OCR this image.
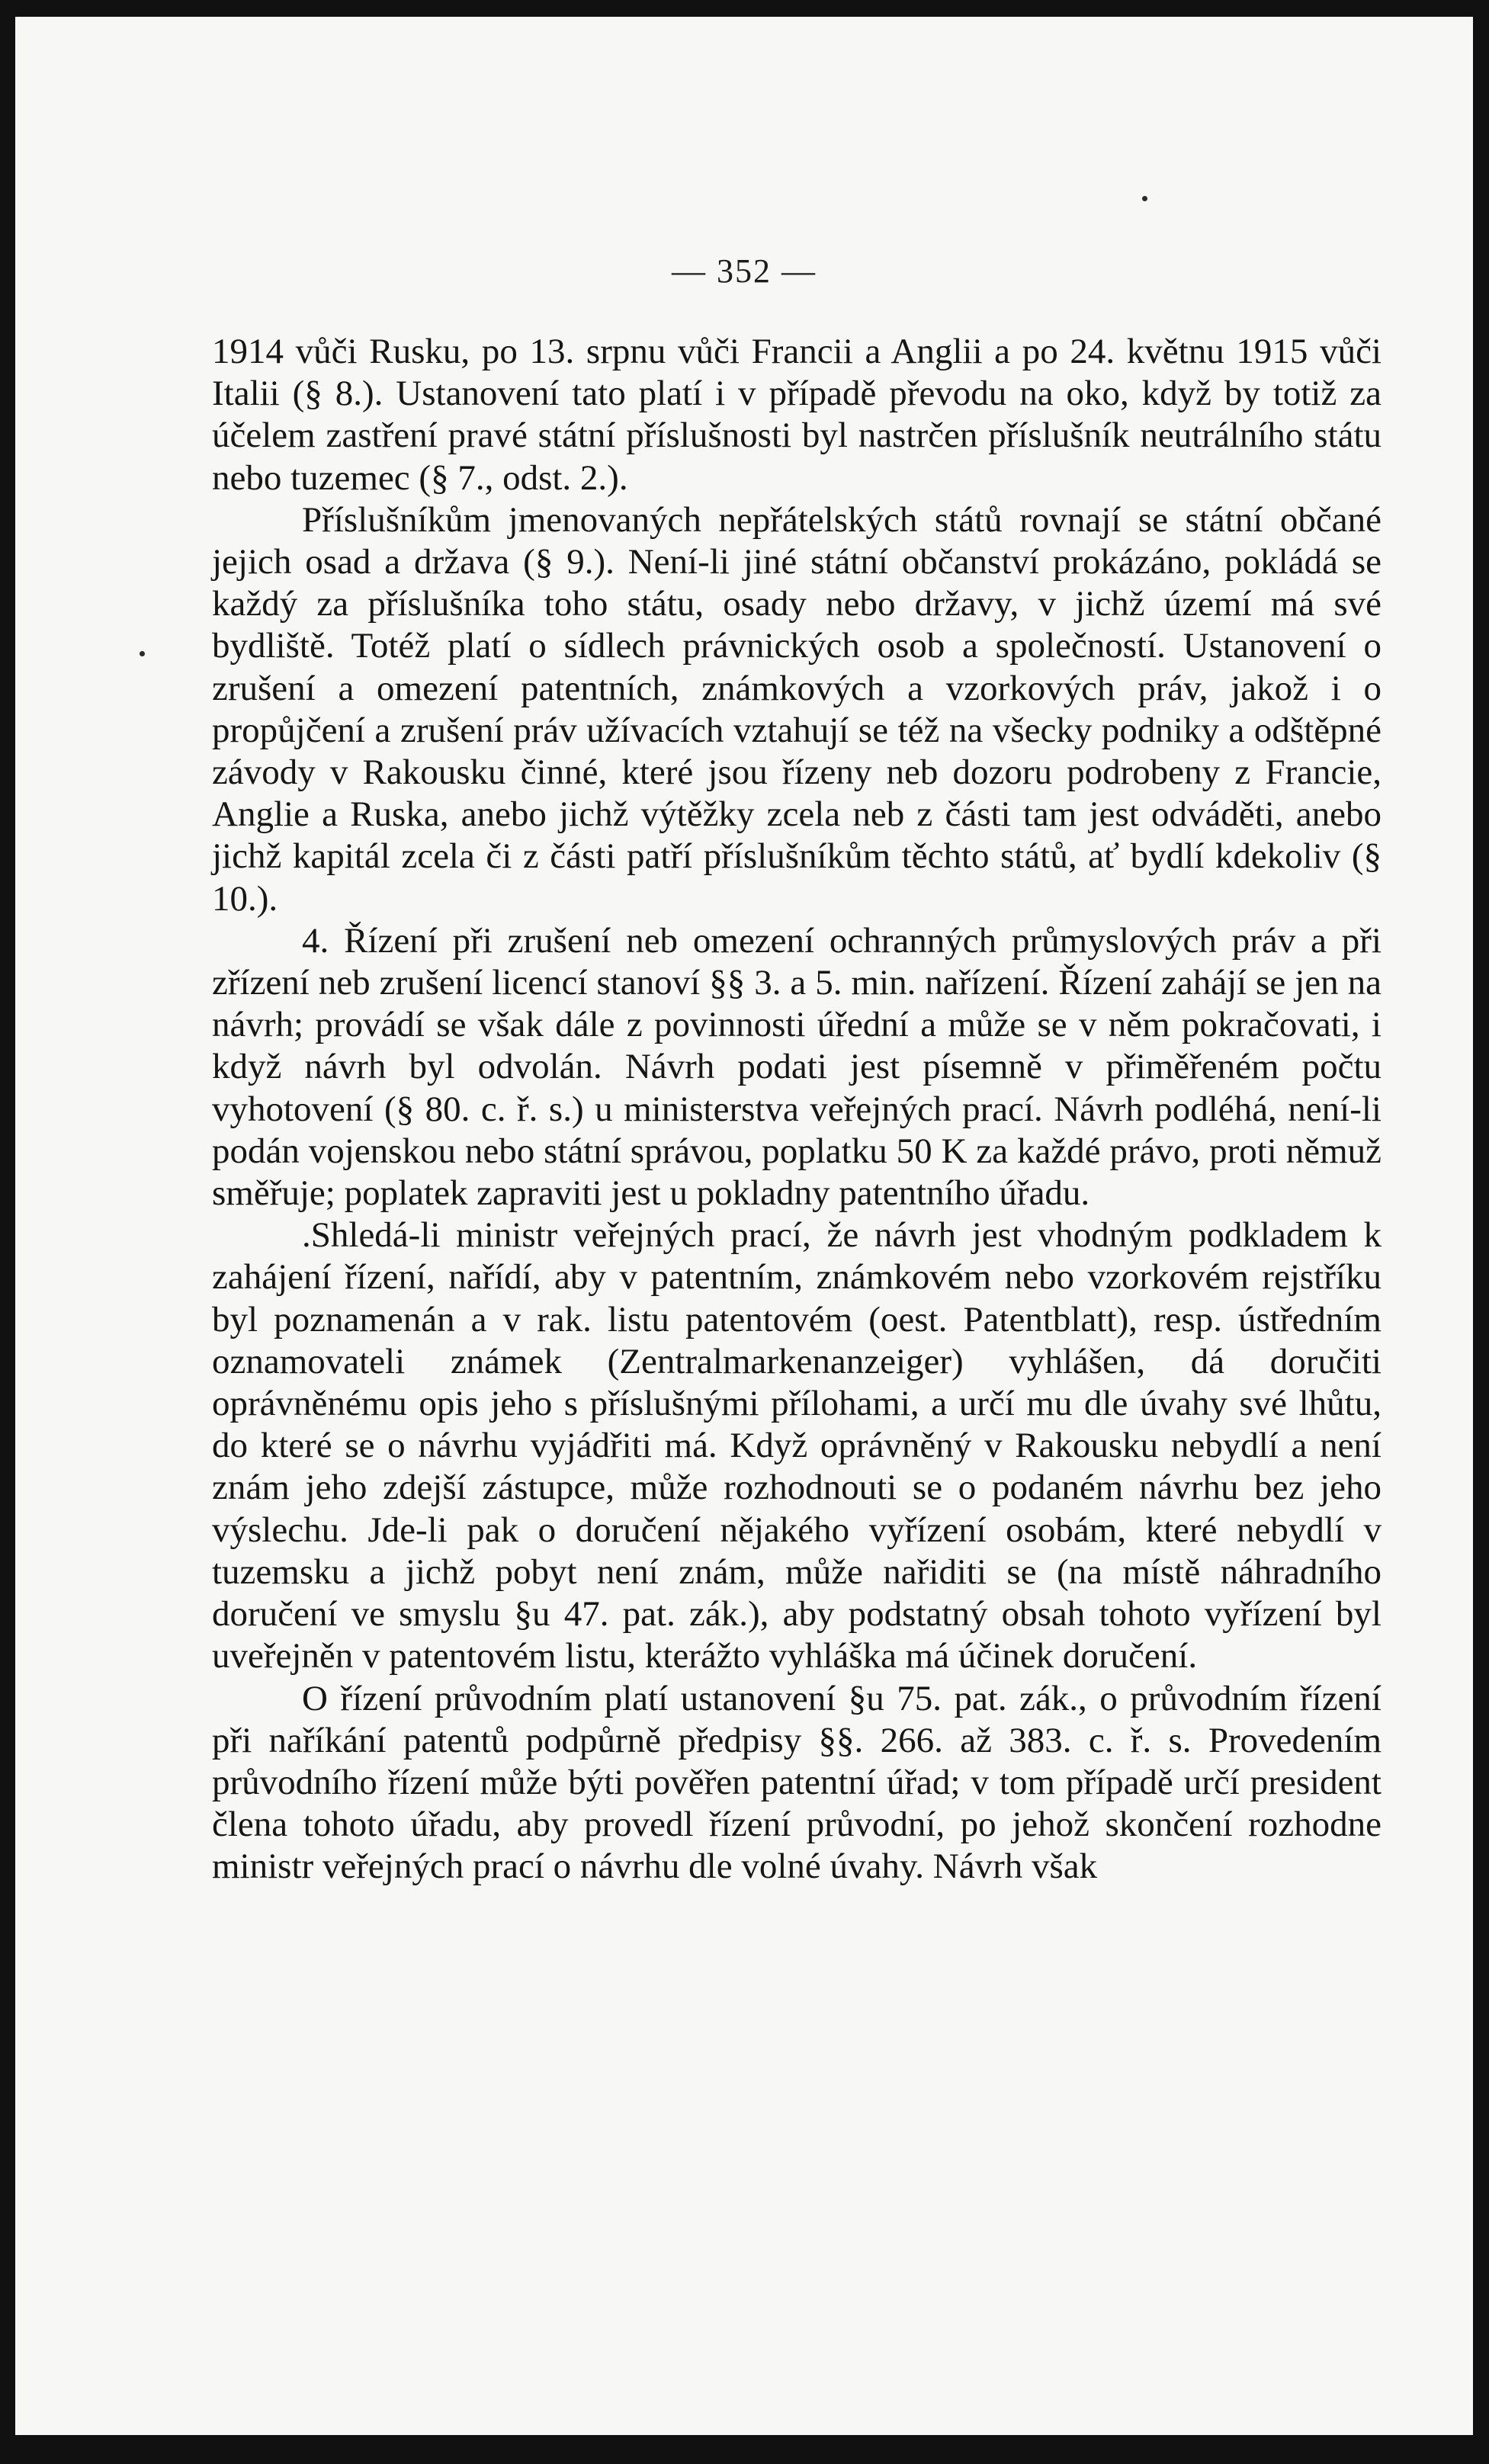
— 352 —

1914 vůči Rusku, po 13. srpnu vůči Francii a Anglii a po 24. květnu 1915 vůči Italii (§ 8.). Ustanovení tato platí i v případě převodu na oko, když by totiž za účelem zastření pravé státní příslušnosti byl nastrčen příslušník neutrálního státu nebo tuzemec (§ 7., odst. 2.).

Příslušníkům jmenovaných nepřátelských států rovnají se státní občané jejich osad a država (§ 9.). Není-li jiné státní občanství prokázáno, pokládá se každý za příslušníka toho státu, osady nebo državy, v jichž území má své bydliště. Totéž platí o sídlech právnických osob a společností. Ustanovení o zrušení a omezení patentních, známkových a vzorkových práv, jakož i o propůjčení a zrušení práv užívacích vztahují se též na všecky podniky a odštěpné závody v Rakousku činné, které jsou řízeny neb dozoru podrobeny z Francie, Anglie a Ruska, anebo jichž výtěžky zcela neb z části tam jest odváděti, anebo jichž kapitál zcela či z části patří příslušníkům těchto států, ať bydlí kdekoliv (§ 10.).

4. Řízení při zrušení neb omezení ochranných průmyslových práv a při zřízení neb zrušení licencí stanoví §§ 3. a 5. min. nařízení. Řízení zahájí se jen na návrh; provádí se však dále z povinnosti úřední a může se v něm pokračovati, i když návrh byl odvolán. Návrh podati jest písemně v přiměřeném počtu vyhotovení (§ 80. c. ř. s.) u ministerstva veřejných prací. Návrh podléhá, není-li podán vojenskou nebo státní správou, poplatku 50 K za každé právo, proti němuž směřuje; poplatek zapraviti jest u pokladny patentního úřadu.

.Shledá-li ministr veřejných prací, že návrh jest vhodným podkladem k zahájení řízení, nařídí, aby v patentním, známkovém nebo vzorkovém rejstříku byl poznamenán a v rak. listu patentovém (oest. Patentblatt), resp. ústředním oznamovateli známek (Zentralmarkenanzeiger) vyhlášen, dá doručiti oprávněnému opis jeho s příslušnými přílohami, a určí mu dle úvahy své lhůtu, do které se o návrhu vyjádřiti má. Když oprávněný v Rakousku nebydlí a není znám jeho zdejší zástupce, může rozhodnouti se o podaném návrhu bez jeho výslechu. Jde-li pak o doručení nějakého vyřízení osobám, které nebydlí v tuzemsku a jichž pobyt není znám, může nařiditi se (na místě náhradního doručení ve smyslu §u 47. pat. zák.), aby podstatný obsah tohoto vyřízení byl uveřejněn v patentovém listu, kterážto vyhláška má účinek doručení.

O řízení průvodním platí ustanovení §u 75. pat. zák., o průvodním řízení při naříkání patentů podpůrně předpisy §§. 266. až 383. c. ř. s. Provedením průvodního řízení může býti pověřen patentní úřad; v tom případě určí president člena tohoto úřadu, aby provedl řízení průvodní, po jehož skončení rozhodne ministr veřejných prací o návrhu dle volné úvahy. Návrh však
